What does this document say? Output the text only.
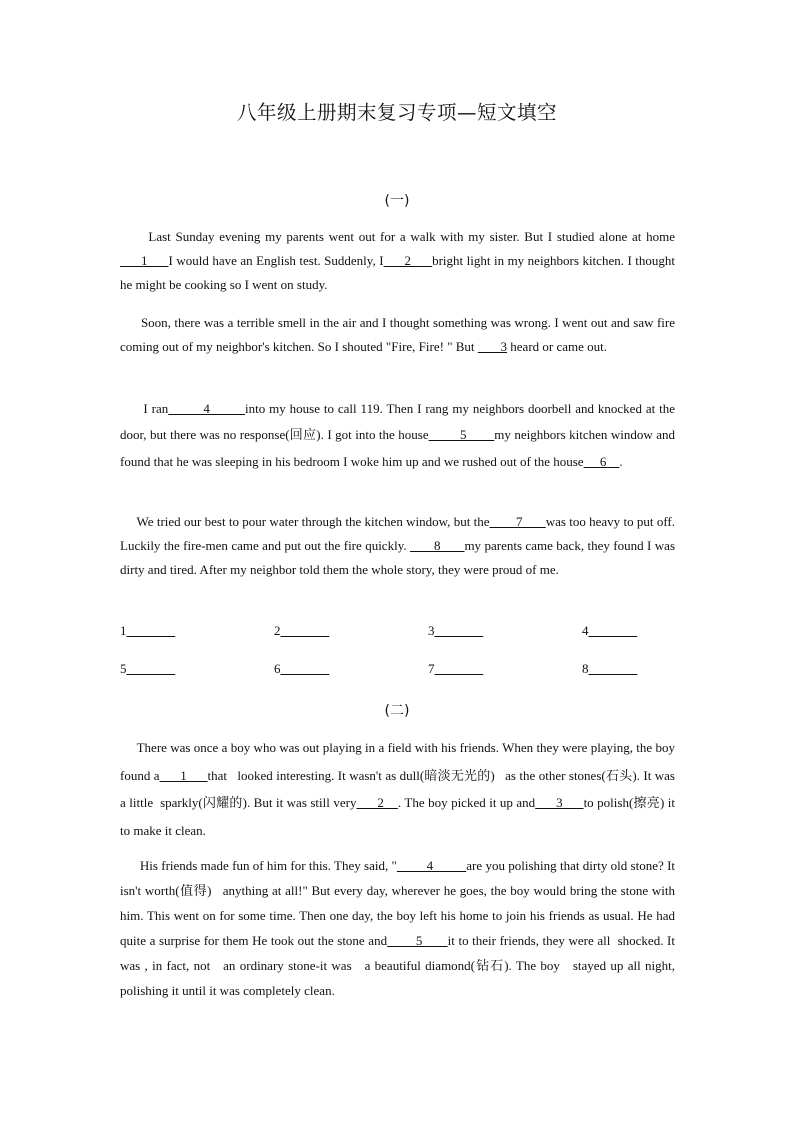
八年级上册期末复习专项—短文填空
(一)
Last Sunday evening my parents went out for a walk with my sister. But I studied alone at home      1      I would have an English test. Suddenly, I      2      bright light in my neighbors kitchen. I thought he might be cooking so I went on study.
Soon, there was a terrible smell in the air and I thought something was wrong. I went out and saw fire coming out of my neighbor's kitchen. So I shouted "Fire, Fire! " But        3 heard or came out.
I ran         4         into my house to call 119. Then I rang my neighbors doorbell and knocked at the door, but there was no response(回应). I got into the house         5        my neighbors kitchen window and found that he was sleeping in his bedroom I woke him up and we rushed out of the house     6    .
We tried our best to pour water through the kitchen window, but the        7       was too heavy to put off. Luckily the fire-men came and put out the fire quickly.        8       my parents came back, they found I was dirty and tired. After my neighbor told them the whole story, they were proud of me.
1	2	3	4
5	6	7	8
(二)
There was once a boy who was out playing in a field with his friends. When they were playing, the boy found a      1      that   looked interesting. It wasn't as dull(暗淡无光的)   as the other stones(石头). It was a little  sparkly(闪耀的). But it was still very      2    . The boy picked it up and      3      to polish(擦亮) it to make it clean.
His friends made fun of him for this. They said, "         4          are you polishing that dirty old stone? It isn't worth(值得)   anything at all!" But every day, wherever he goes, the boy would bring the stone with him. This went on for some time. Then one day, the boy left his home to join his friends as usual. He had quite a surprise for them He took out the stone and        5       it to their friends, they were all  shocked. It was , in fact, not   an ordinary stone-it was   a beautiful diamond(钻石). The boy   stayed up all night, polishing it until it was completely clean.
